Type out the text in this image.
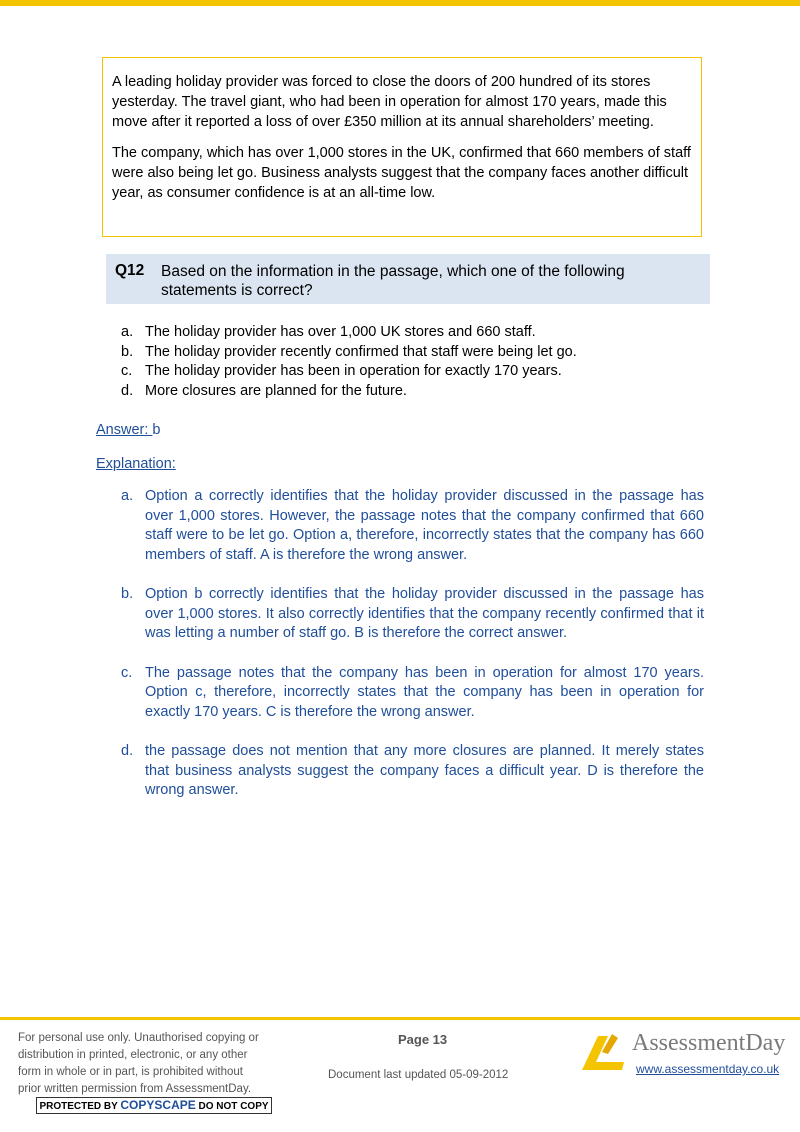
A leading holiday provider was forced to close the doors of 200 hundred of its stores yesterday. The travel giant, who had been in operation for almost 170 years, made this move after it reported a loss of over £350 million at its annual shareholders’ meeting.

The company, which has over 1,000 stores in the UK, confirmed that 660 members of staff were also being let go. Business analysts suggest that the company faces another difficult year, as consumer confidence is at an all-time low.

Q12 Based on the information in the passage, which one of the following statements is correct?
a. The holiday provider has over 1,000 UK stores and 660 staff.
b. The holiday provider recently confirmed that staff were being let go.
c. The holiday provider has been in operation for exactly 170 years.
d. More closures are planned for the future.
Answer: b
Explanation:
a. Option a correctly identifies that the holiday provider discussed in the passage has over 1,000 stores. However, the passage notes that the company confirmed that 660 staff were to be let go. Option a, therefore, incorrectly states that the company has 660 members of staff. A is therefore the wrong answer.
b. Option b correctly identifies that the holiday provider discussed in the passage has over 1,000 stores. It also correctly identifies that the company recently confirmed that it was letting a number of staff go. B is therefore the correct answer.
c. The passage notes that the company has been in operation for almost 170 years. Option c, therefore, incorrectly states that the company has been in operation for exactly 170 years. C is therefore the wrong answer.
d. the passage does not mention that any more closures are planned. It merely states that business analysts suggest the company faces a difficult year. D is therefore the wrong answer.
For personal use only. Unauthorised copying or
distribution in printed, electronic, or any other
form in whole or in part, is prohibited without
prior written permission from AssessmentDay.
PROTECTED BY COPYSCAPE DO NOT COPY
Page 13
Document last updated 05-09-2012
AssessmentDay
www.assessmentday.co.uk
